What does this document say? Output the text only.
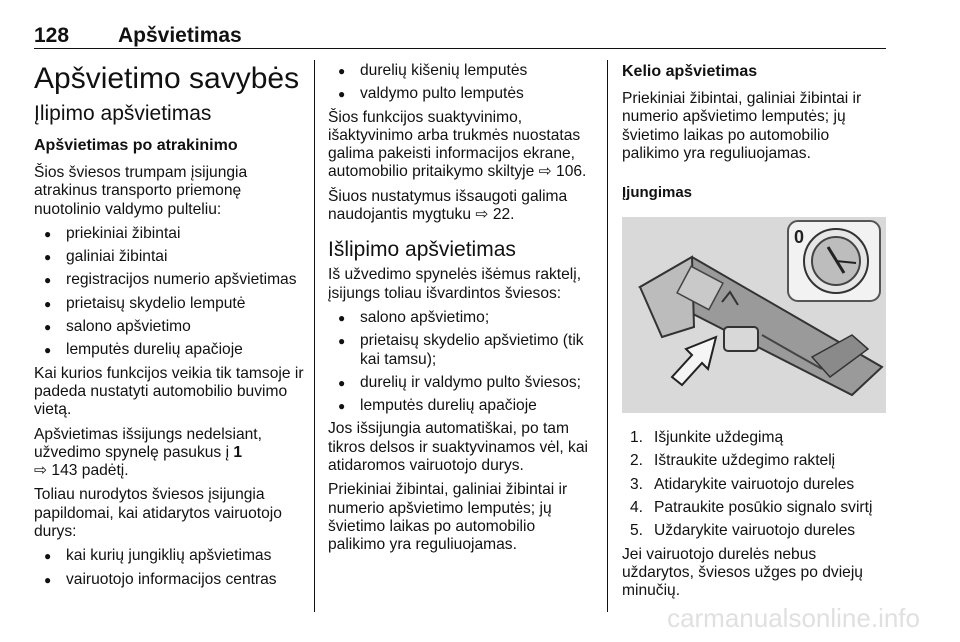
128 Apšvietimas
Apšvietimo savybės
Įlipimo apšvietimas
Apšvietimas po atrakinimo

Šios šviesos trumpam įsijungia atrakinus transporto priemonę nuotolinio valdymo pulteliu:

● priekiniai žibintai
● galiniai žibintai
● registracijos numerio apšvietimas
● prietaisų skydelio lemputė
● salono apšvietimo
● lemputės durelių apačioje

Kai kurios funkcijos veikia tik tamsoje ir padeda nustatyti automobilio buvimo vietą.

Apšvietimas išsijungs nedelsiant, užvedimo spynelę pasukus į 1
⇨ 143 padėtį.

Toliau nurodytos šviesos įsijungia papildomai, kai atidarytos vairuotojo durys:

● kai kurių jungiklių apšvietimas
● vairuotojo informacijos centras
● durelių kišenių lemputės
● valdymo pulto lemputės

Šios funkcijos suaktyvinimo, išaktyvinimo arba trukmės nuostatas galima pakeisti informacijos ekrane, automobilio pritaikymo skiltyje ⇨ 106.

Šiuos nustatymus išsaugoti galima naudojantis mygtuku ⇨ 22.

Išlipimo apšvietimas

Iš užvedimo spynelės išėmus raktelį, įsijungs toliau išvardintos šviesos:

● salono apšvietimo;
● prietaisų skydelio apšvietimo (tik kai tamsu);
● durelių ir valdymo pulto šviesos;
● lemputės durelių apačioje

Jos išsijungia automatiškai, po tam tikros delsos ir suaktyvinamos vėl, kai atidaromos vairuotojo durys.

Priekiniai žibintai, galiniai žibintai ir numerio apšvietimo lemputės; jų švietimo laikas po automobilio palikimo yra reguliuojamas.

Kelio apšvietimas

Priekiniai žibintai, galiniai žibintai ir numerio apšvietimo lemputės; jų švietimo laikas po automobilio palikimo yra reguliuojamas.

Įjungimas
0
1. Išjunkite uždegimą
2. Ištraukite uždegimo raktelį
3. Atidarykite vairuotojo dureles
4. Patraukite posūkio signalo svirtį
5. Uždarykite vairuotojo dureles

Jei vairuotojo durelės nebus uždarytos, šviesos užges po dviejų minučių.

carmanualsonline.info
